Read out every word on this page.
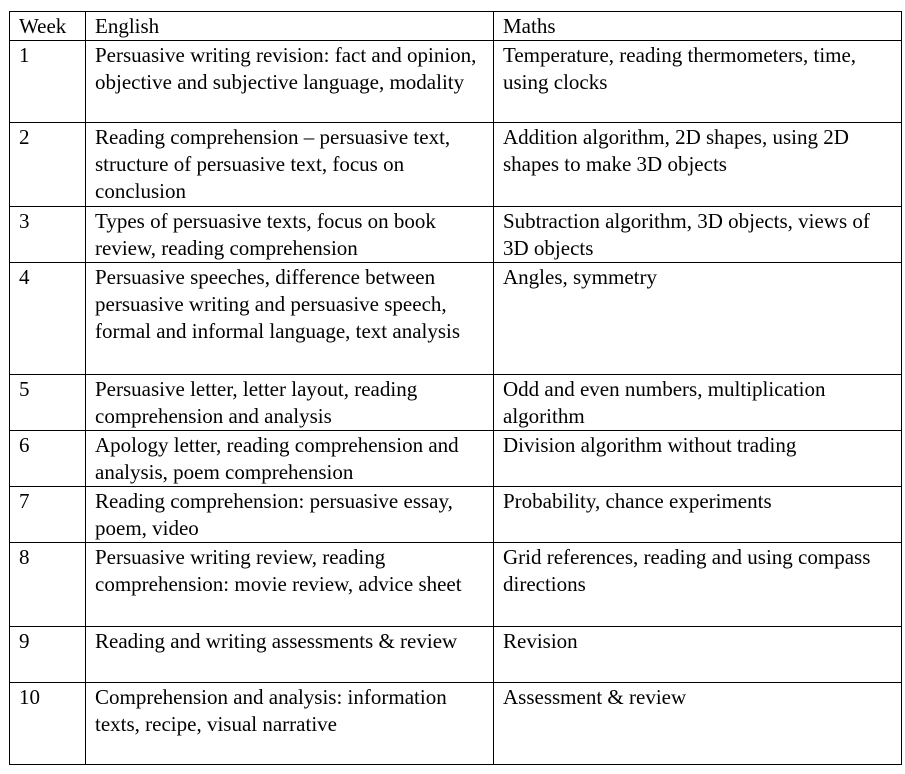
Week	English	Maths
1	Persuasive writing revision: fact and opinion, objective and subjective language, modality	Temperature, reading thermometers, time, using clocks
2	Reading comprehension – persuasive text, structure of persuasive text, focus on conclusion	Addition algorithm, 2D shapes, using 2D shapes to make 3D objects
3	Types of persuasive texts, focus on book review, reading comprehension	Subtraction algorithm, 3D objects, views of 3D objects
4	Persuasive speeches, difference between persuasive writing and persuasive speech, formal and informal language, text analysis	Angles, symmetry
5	Persuasive letter, letter layout, reading comprehension and analysis	Odd and even numbers, multiplication algorithm
6	Apology letter, reading comprehension and analysis, poem comprehension	Division algorithm without trading
7	Reading comprehension: persuasive essay, poem, video	Probability, chance experiments
8	Persuasive writing review, reading comprehension: movie review, advice sheet	Grid references, reading and using compass directions
9	Reading and writing assessments & review	Revision
10	Comprehension and analysis: information texts, recipe, visual narrative	Assessment & review
